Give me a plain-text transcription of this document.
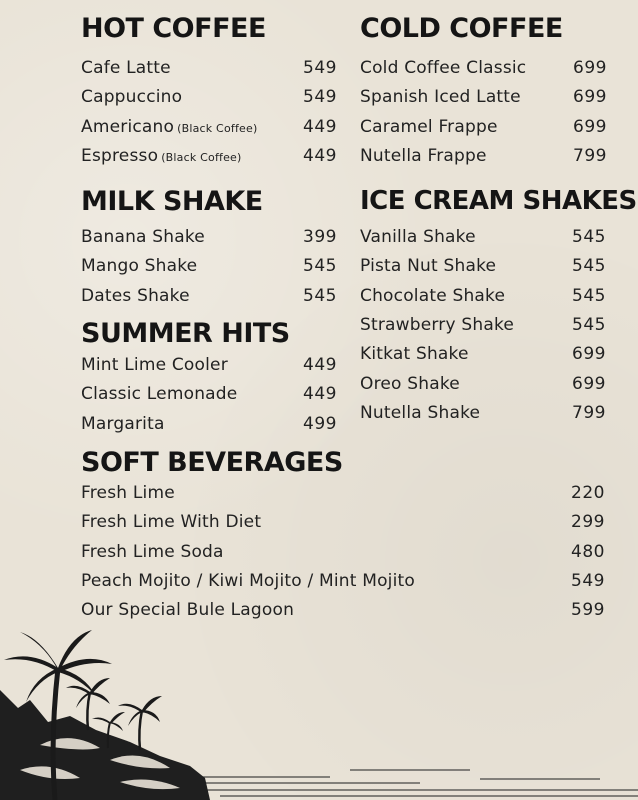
HOT COFFEE
Cafe Latte	549
Cappuccino	549
Americano (Black Coffee)	449
Espresso (Black Coffee)	449
COLD COFFEE
Cold Coffee Classic	699
Spanish Iced Latte	699
Caramel Frappe	699
Nutella Frappe	799
MILK SHAKE
Banana Shake	399
Mango Shake	545
Dates Shake	545
ICE CREAM SHAKES
Vanilla Shake	545
Pista Nut Shake	545
Chocolate Shake	545
Strawberry Shake	545
Kitkat Shake	699
Oreo Shake	699
Nutella Shake	799
SUMMER HITS
Mint Lime Cooler	449
Classic Lemonade	449
Margarita	499
SOFT BEVERAGES
Fresh Lime	220
Fresh Lime With Diet	299
Fresh Lime Soda	480
Peach Mojito / Kiwi Mojito / Mint Mojito	549
Our Special Bule Lagoon	599
